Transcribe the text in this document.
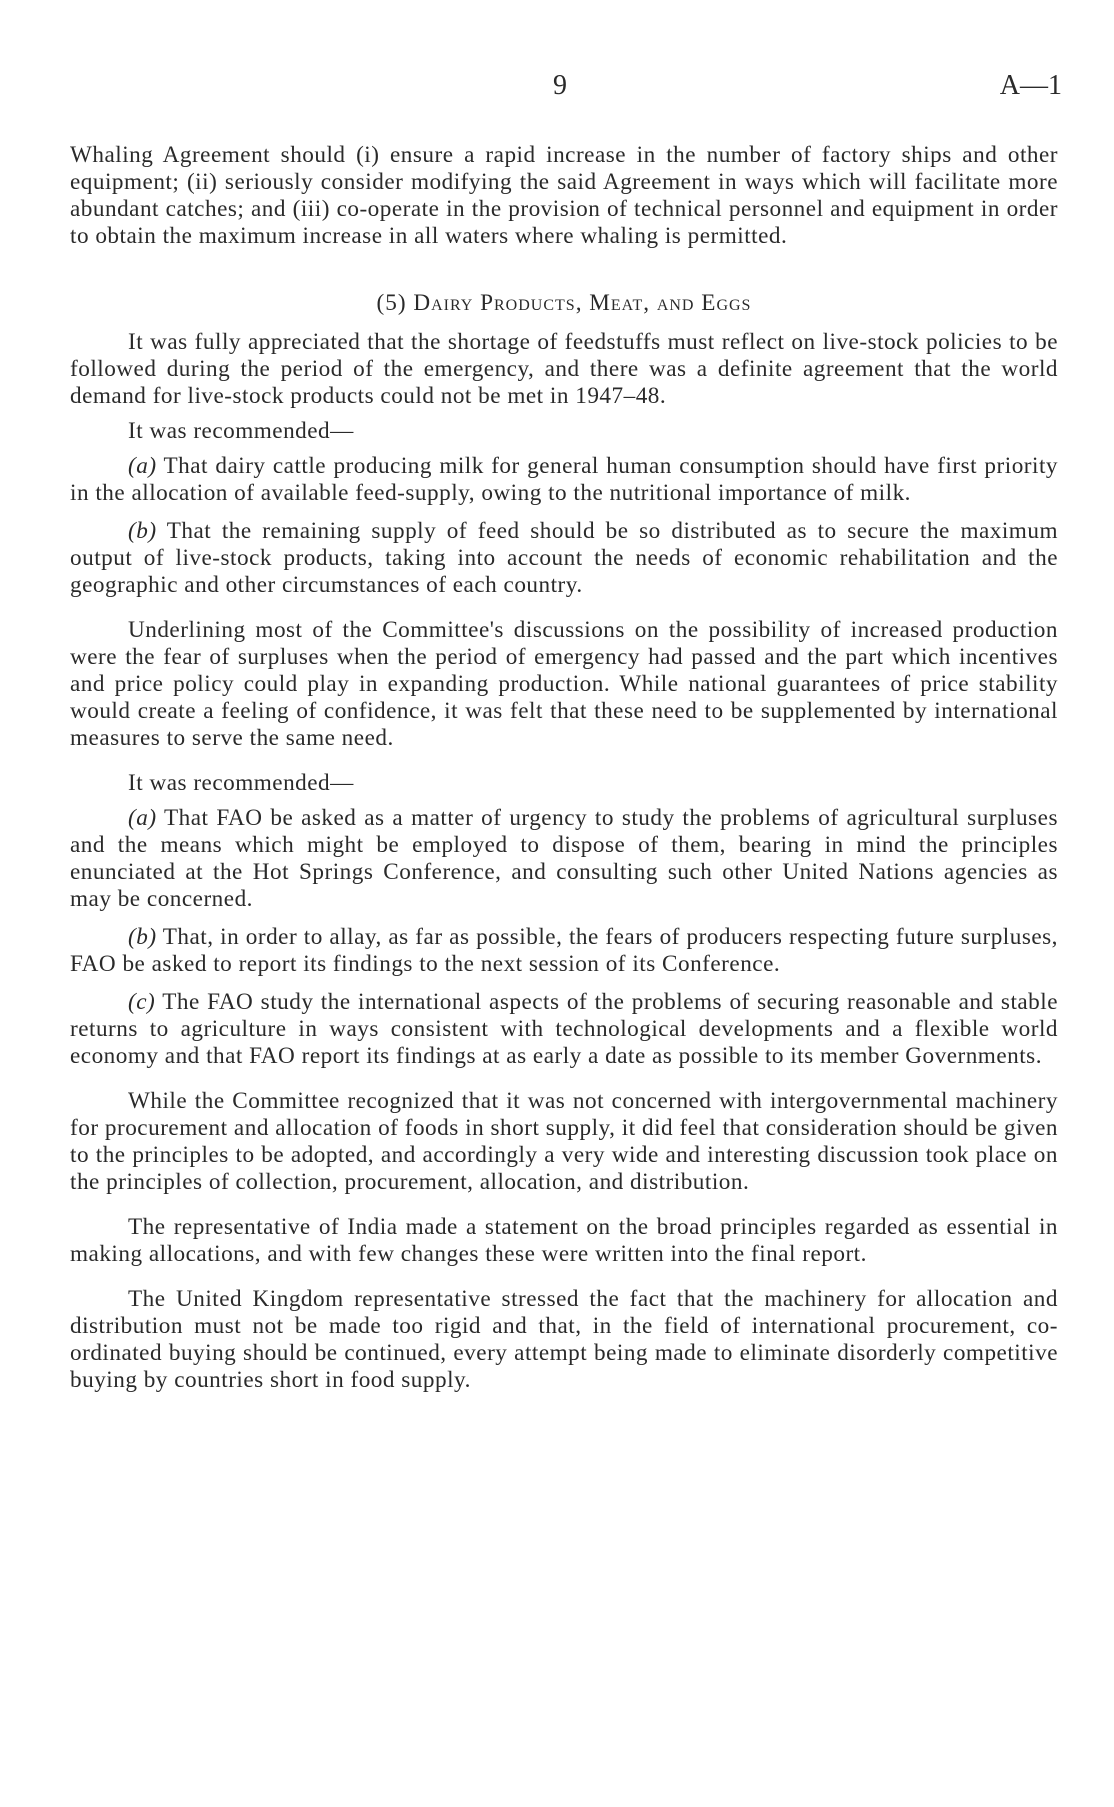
9	A—1

Whaling Agreement should (i) ensure a rapid increase in the number of factory ships and other equipment; (ii) seriously consider modifying the said Agreement in ways which will facilitate more abundant catches; and (iii) co-operate in the provision of technical personnel and equipment in order to obtain the maximum increase in all waters where whaling is permitted.

(5) Dairy Products, Meat, and Eggs

It was fully appreciated that the shortage of feedstuffs must reflect on live-stock policies to be followed during the period of the emergency, and there was a definite agreement that the world demand for live-stock products could not be met in 1947–48.

It was recommended—

(a) That dairy cattle producing milk for general human consumption should have first priority in the allocation of available feed-supply, owing to the nutritional importance of milk.

(b) That the remaining supply of feed should be so distributed as to secure the maximum output of live-stock products, taking into account the needs of economic rehabilitation and the geographic and other circumstances of each country.

Underlining most of the Committee's discussions on the possibility of increased production were the fear of surpluses when the period of emergency had passed and the part which incentives and price policy could play in expanding production. While national guarantees of price stability would create a feeling of confidence, it was felt that these need to be supplemented by international measures to serve the same need.

It was recommended—

(a) That FAO be asked as a matter of urgency to study the problems of agricultural surpluses and the means which might be employed to dispose of them, bearing in mind the principles enunciated at the Hot Springs Conference, and consulting such other United Nations agencies as may be concerned.

(b) That, in order to allay, as far as possible, the fears of producers respecting future surpluses, FAO be asked to report its findings to the next session of its Conference.

(c) The FAO study the international aspects of the problems of securing reasonable and stable returns to agriculture in ways consistent with technological developments and a flexible world economy and that FAO report its findings at as early a date as possible to its member Governments.

While the Committee recognized that it was not concerned with intergovernmental machinery for procurement and allocation of foods in short supply, it did feel that consideration should be given to the principles to be adopted, and accordingly a very wide and interesting discussion took place on the principles of collection, procurement, allocation, and distribution.

The representative of India made a statement on the broad principles regarded as essential in making allocations, and with few changes these were written into the final report.

The United Kingdom representative stressed the fact that the machinery for allocation and distribution must not be made too rigid and that, in the field of international procurement, co-ordinated buying should be continued, every attempt being made to eliminate disorderly competitive buying by countries short in food supply.
